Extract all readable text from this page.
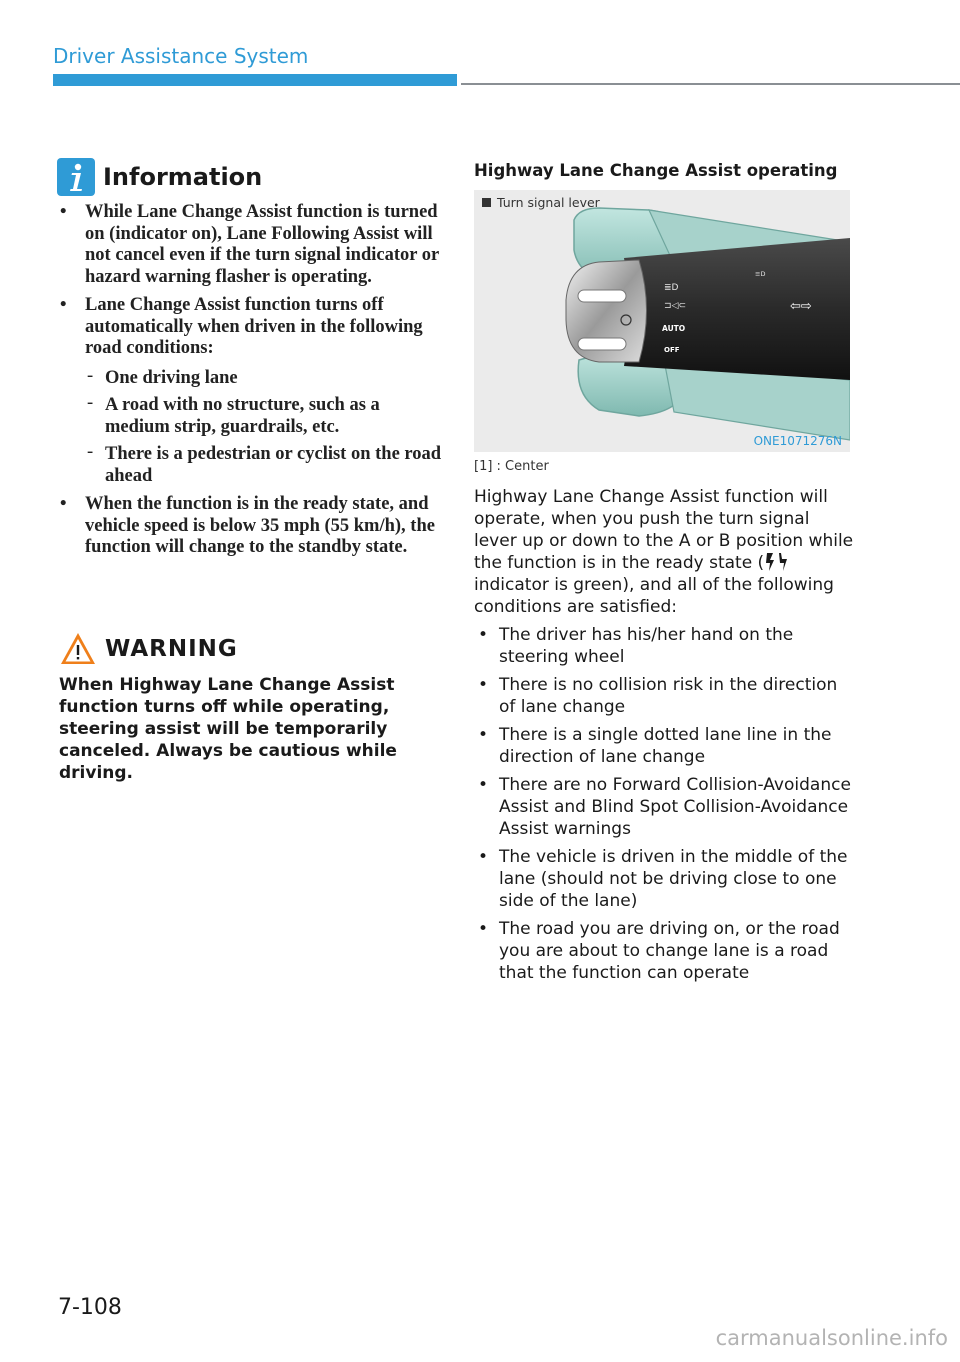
Driver Assistance System
Information
• While Lane Change Assist function is turned on (indicator on), Lane Following Assist will not cancel even if the turn signal indicator or hazard warning flasher is operating.
• Lane Change Assist function turns off automatically when driven in the following road conditions:
- One driving lane
- A road with no structure, such as a medium strip, guardrails, etc.
- There is a pedestrian or cyclist on the road ahead
• When the function is in the ready state, and vehicle speed is below 35 mph (55 km/h), the function will change to the standby state.
WARNING
When Highway Lane Change Assist function turns off while operating, steering assist will be temporarily canceled. Always be cautious while driving.
Highway Lane Change Assist operating
Turn signal lever
≣D
⊐◁⊂
AUTO
OFF
≡D
⇦⇨
ONE1071276N
[1] : Center
Highway Lane Change Assist function will operate, when you push the turn signal lever up or down to the A or B position while the function is in the ready state ( indicator is green), and all of the following conditions are satisfied:
• The driver has his/her hand on the steering wheel
• There is no collision risk in the direction of lane change
• There is a single dotted lane line in the direction of lane change
• There are no Forward Collision-Avoidance Assist and Blind Spot Collision-Avoidance Assist warnings
• The vehicle is driven in the middle of the lane (should not be driving close to one side of the lane)
• The road you are driving on, or the road you are about to change lane is a road that the function can operate
7-108
carmanualsonline.info
